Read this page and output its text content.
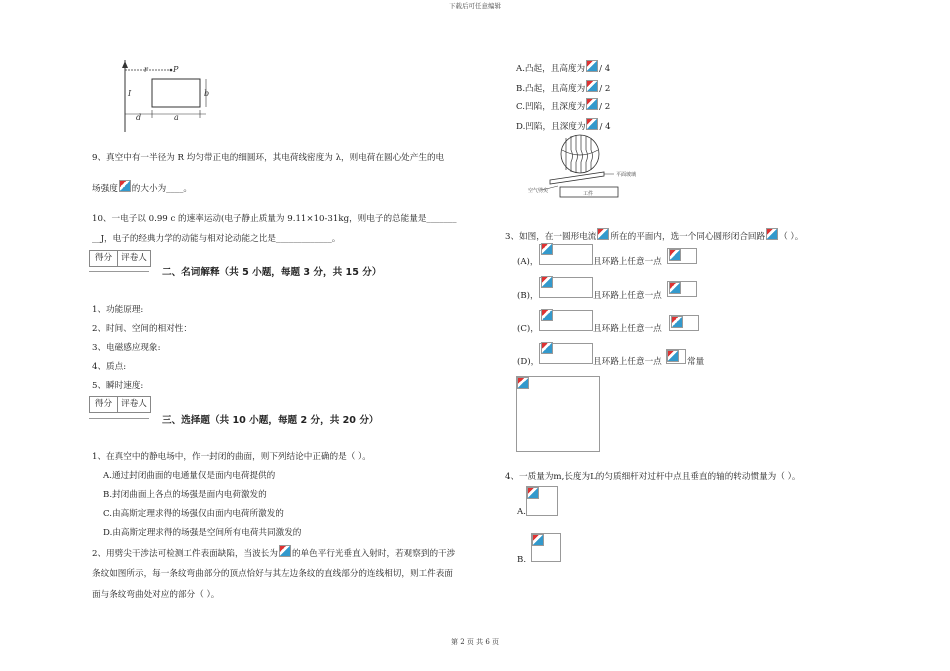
下载后可任意编辑
r	P
I	b
d	a
9、真空中有一半径为 R 均匀带正电的细圆环，其电荷线密度为 λ，则电荷在圆心处产生的电
场强度 的大小为____。
10、一电子以 0.99 c 的速率运动(电子静止质量为 9.11×10-31kg，则电子的总能量是_______
__J，电子的经典力学的动能与相对论动能之比是_____________。
得分	评卷人
二、名词解释（共 5 小题，每题 3 分，共 15 分）
1、功能原理:
2、时间、空间的相对性：
3、电磁感应现象:
4、质点:
5、瞬时速度:
得分	评卷人
三、选择题（共 10 小题，每题 2 分，共 20 分）
1、在真空中的静电场中，作一封闭的曲面，则下列结论中正确的是（ ）。
A.通过封闭曲面的电通量仅是面内电荷提供的
B.封闭曲面上各点的场强是面内电荷激发的
C.由高斯定理求得的场强仅由面内电荷所激发的
D.由高斯定理求得的场强是空间所有电荷共同激发的
2、用劈尖干涉法可检测工件表面缺陷，当波长为 的单色平行光垂直入射时，若观察到的干涉
条纹如图所示，每一条纹弯曲部分的顶点恰好与其左边条纹的直线部分的连线相切，则工件表面
面与条纹弯曲处对应的部分（ ）。
A.凸起，且高度为 / 4
B.凸起，且高度为 / 2
C.凹陷，且深度为 / 2
D.凹陷，且深度为 / 4
平面玻璃
工件
空气劈尖
3、如图，在一圆形电流 所在的平面内，选一个同心圆形闭合回路 （ ）。
(A)，	且环路上任意一点
(B)，	且环路上任意一点
(C)，	且环路上任意一点
(D)，	且环路上任意一点	常量
4、一质量为m,长度为L的匀质细杆对过杆中点且垂直的轴的转动惯量为（ ）。
A.
B.
第 2 页 共 6 页
